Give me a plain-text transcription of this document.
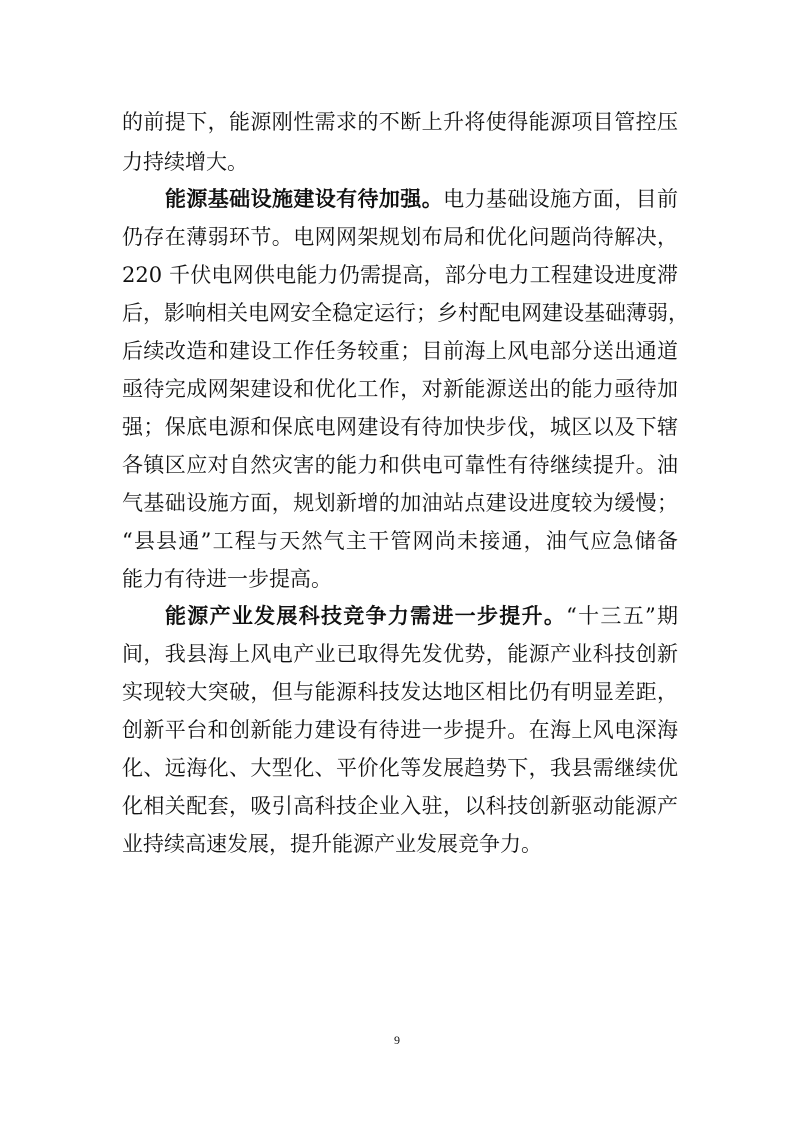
的前提下，能源刚性需求的不断上升将使得能源项目管控压
力持续增大。
能源基础设施建设有待加强。电力基础设施方面，目前
仍存在薄弱环节。电网网架规划布局和优化问题尚待解决，
220 千伏电网供电能力仍需提高，部分电力工程建设进度滞
后，影响相关电网安全稳定运行；乡村配电网建设基础薄弱，
后续改造和建设工作任务较重；目前海上风电部分送出通道
亟待完成网架建设和优化工作，对新能源送出的能力亟待加
强；保底电源和保底电网建设有待加快步伐，城区以及下辖
各镇区应对自然灾害的能力和供电可靠性有待继续提升。油
气基础设施方面，规划新增的加油站点建设进度较为缓慢；
“县县通”工程与天然气主干管网尚未接通，油气应急储备
能力有待进一步提高。
能源产业发展科技竞争力需进一步提升。“十三五”期
间，我县海上风电产业已取得先发优势，能源产业科技创新
实现较大突破，但与能源科技发达地区相比仍有明显差距，
创新平台和创新能力建设有待进一步提升。在海上风电深海
化、远海化、大型化、平价化等发展趋势下，我县需继续优
化相关配套，吸引高科技企业入驻，以科技创新驱动能源产
业持续高速发展，提升能源产业发展竞争力。
9
